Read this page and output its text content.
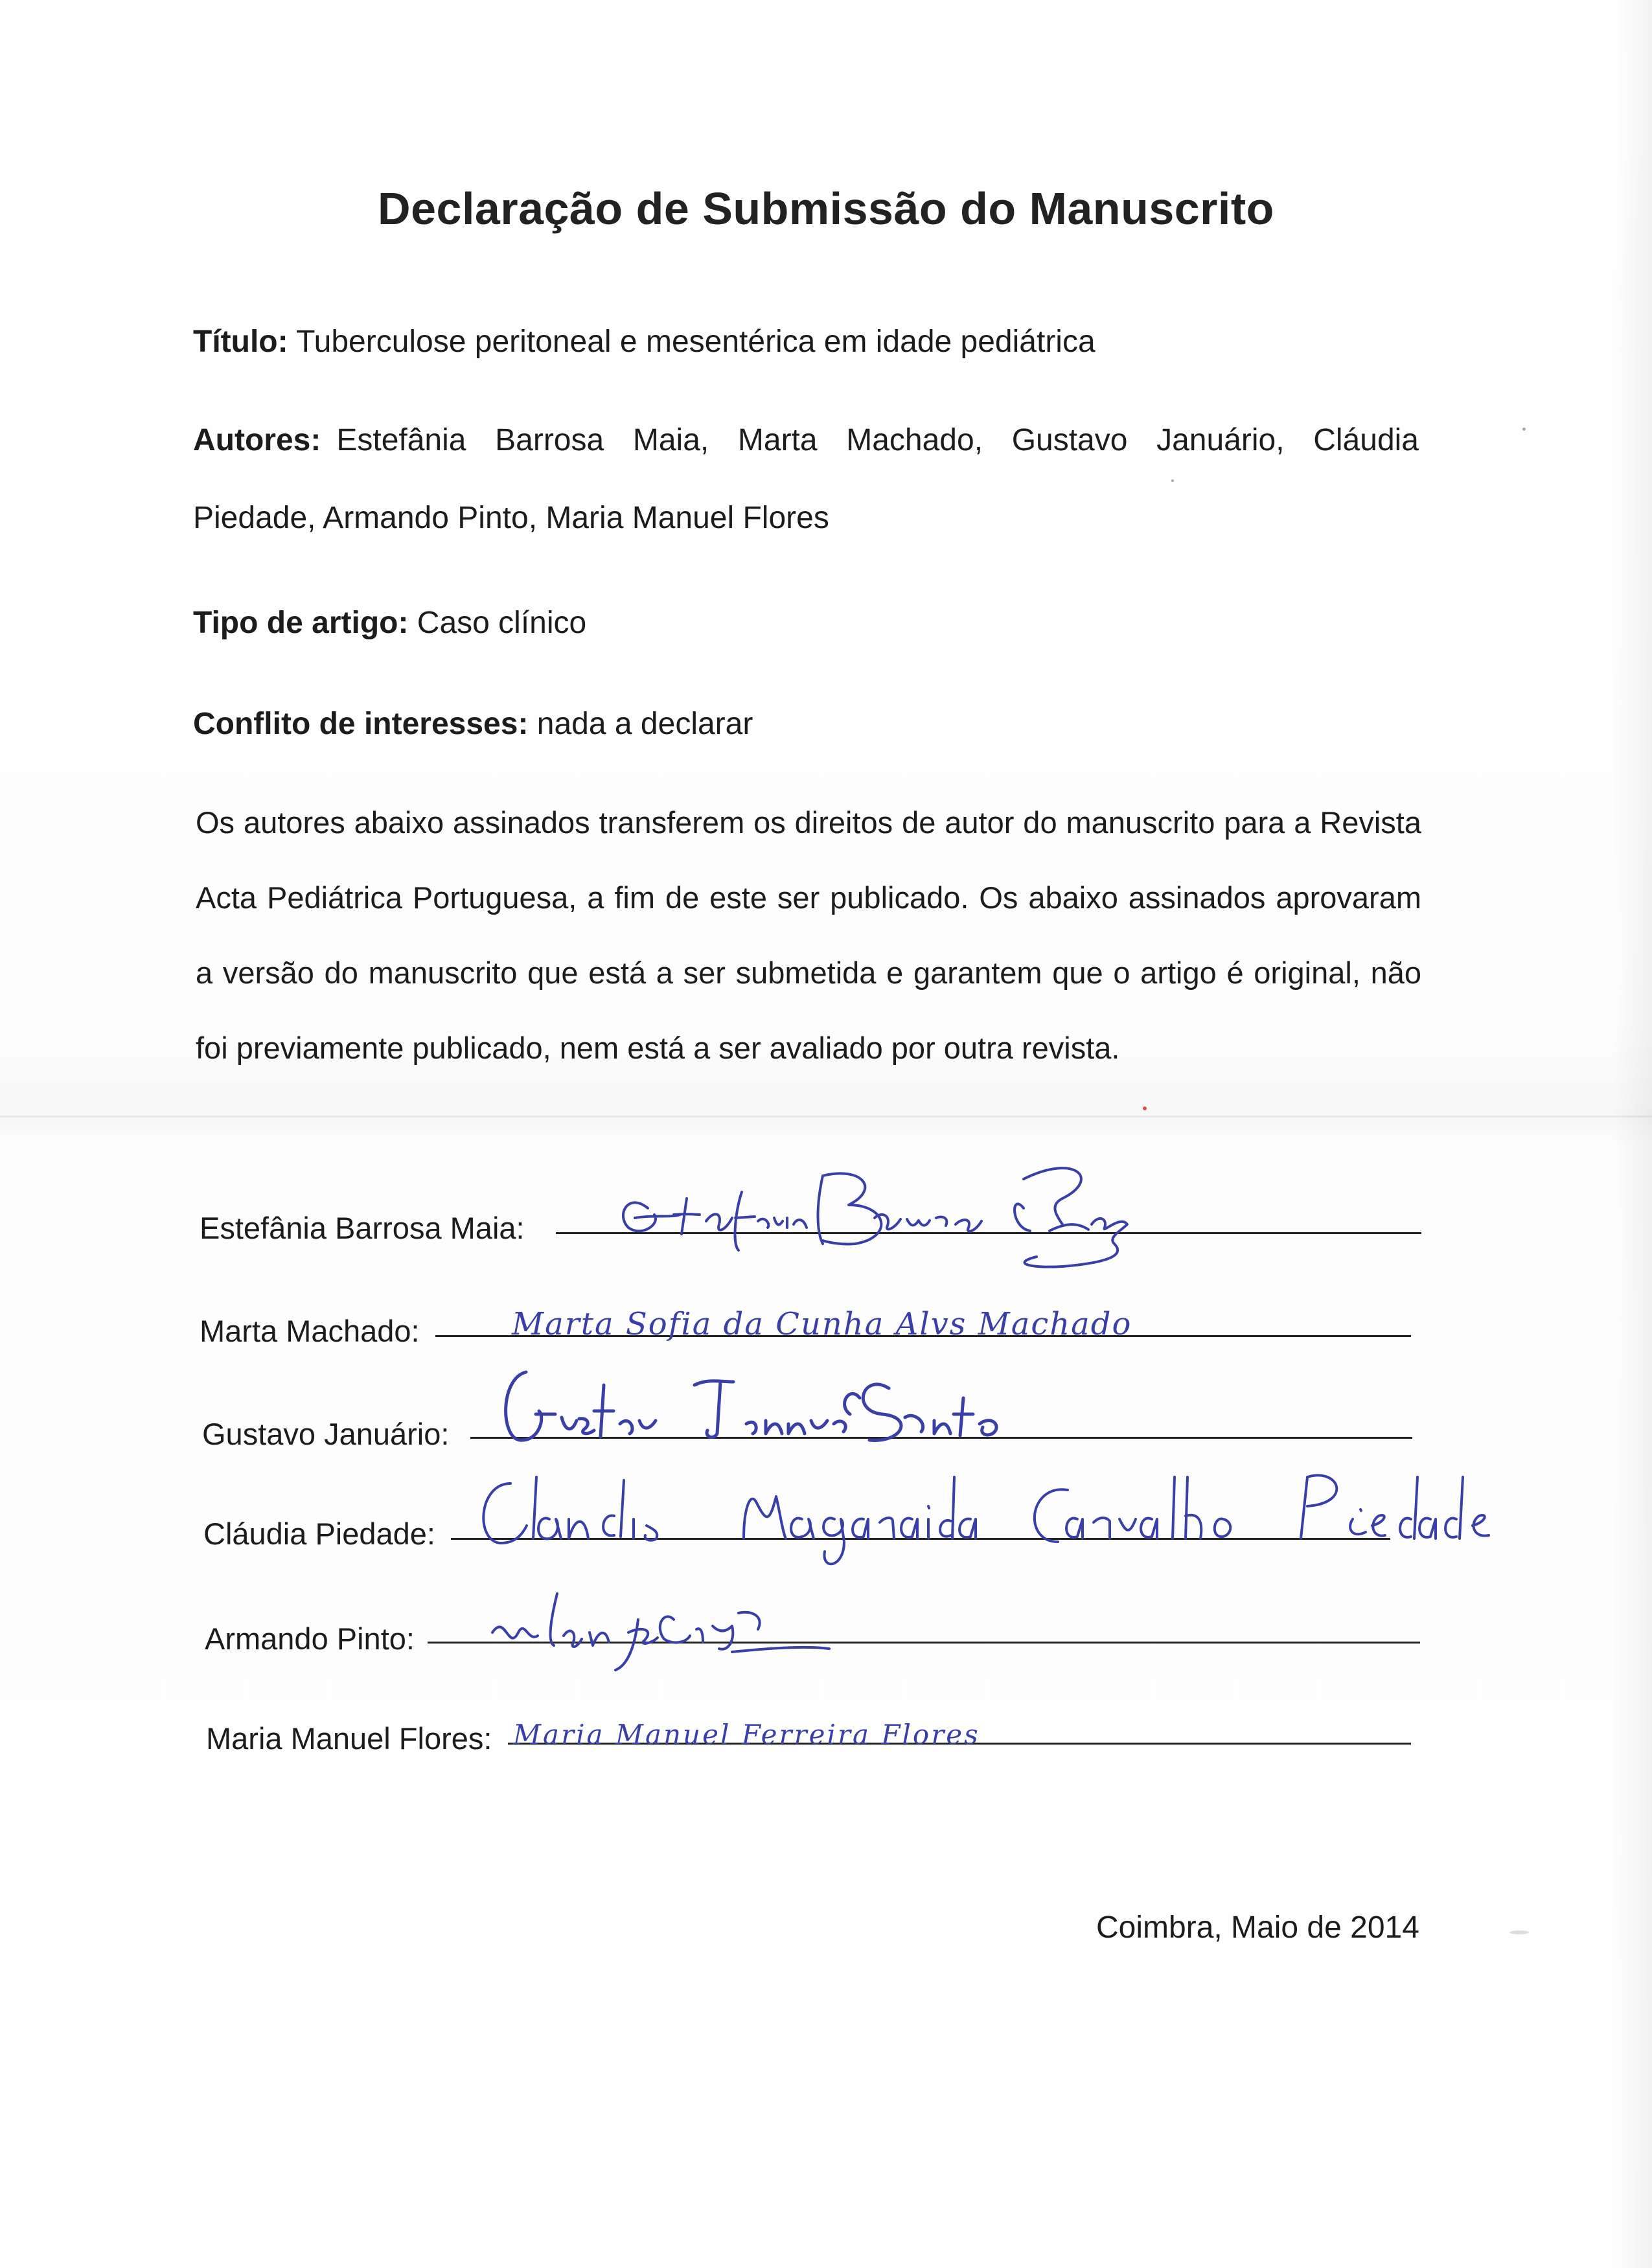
Declaração de Submissão do Manuscrito
Título: Tuberculose peritoneal e mesentérica em idade pediátrica
Autores: Estefânia Barrosa Maia, Marta Machado, Gustavo Januário, Cláudia
Piedade, Armando Pinto, Maria Manuel Flores
Tipo de artigo: Caso clínico
Conflito de interesses: nada a declarar

Os autores abaixo assinados transferem os direitos de autor do manuscrito para a Revista Acta Pediátrica Portuguesa, a fim de este ser publicado. Os abaixo assinados aprovaram a versão do manuscrito que está a ser submetida e garantem que o artigo é original, não foi previamente publicado, nem está a ser avaliado por outra revista.

Estefânia Barrosa Maia:
Marta Machado:
Gustavo Januário:
Cláudia Piedade:
Armando Pinto:
Maria Manuel Flores:
Marta Sofia da Cunha Alvs Machado
Maria Manuel Ferreira Flores
Coimbra, Maio de 2014
